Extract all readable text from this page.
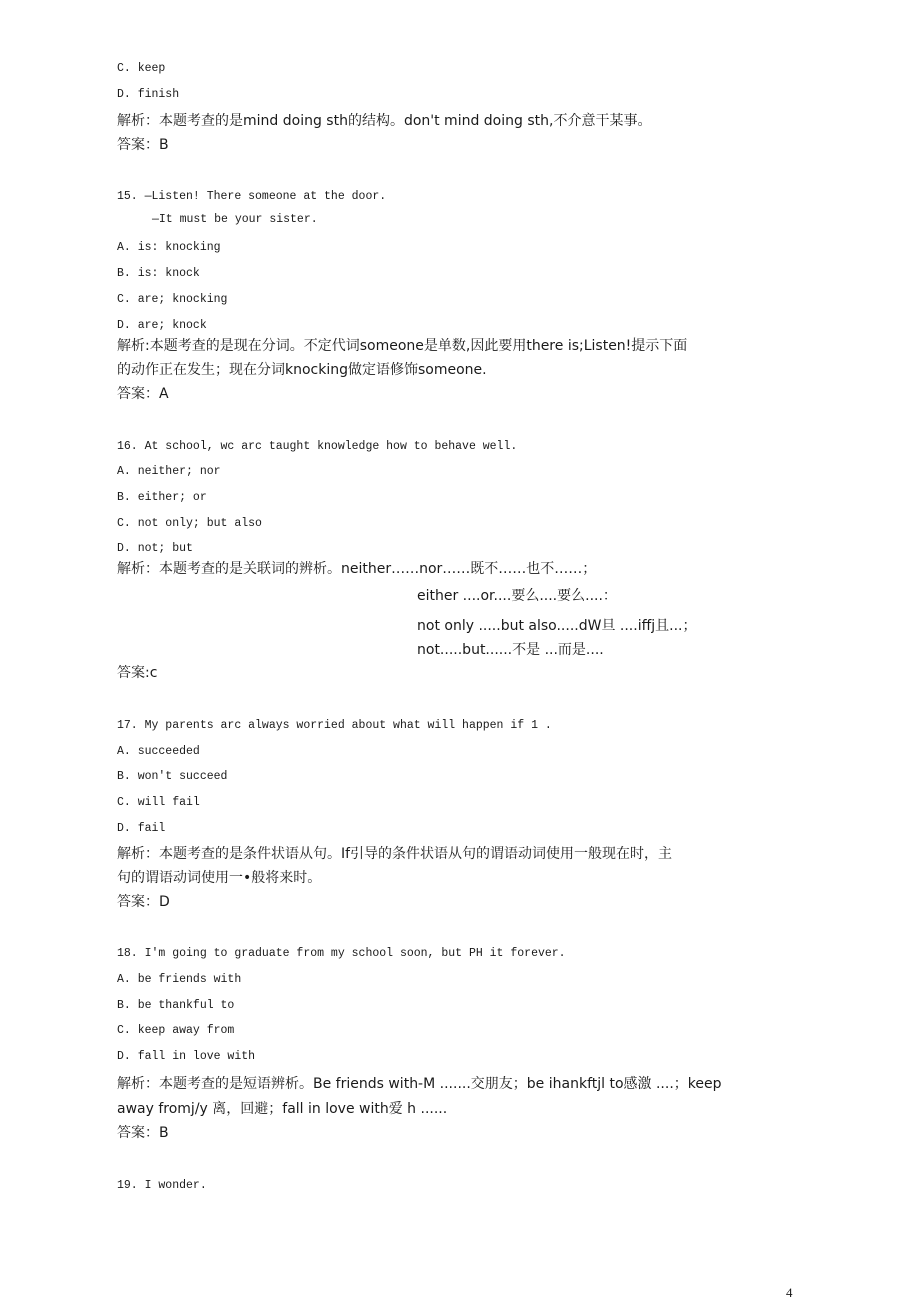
C. keep
D. finish
解析：本题考查的是mind doing sth的结构。don't mind doing sth,不介意干某事。
答案：B
15. —Listen! There someone at the door.
—It must be your sister.
A. is: knocking
B. is: knock
C. are; knocking
D. are; knock
解析:本题考查的是现在分词。不定代词someone是单数,因此要用there is;Listen!提示下面
的动作正在发生；现在分词knocking做定语修饰someone.
答案：A
16. At school, wc arc taught knowledge how to behave well.
A. neither; nor
B. either; or
C. not only; but also
D. not; but
解析：本题考查的是关联词的辨析。neither……nor……既不……也不……；
either ....or....要么....要么....：
not only .....but also.....dW旦 ....iffj且...；
not.....but......不是 ...而是....
答案:c
17. My parents arc always worried about what will happen if 1 .
A. succeeded
B. won't succeed
C. will fail
D. fail
解析：本题考查的是条件状语从句。If引导的条件状语从句的谓语动词使用一般现在时，主
句的谓语动词使用一•般将来时。
答案：D
18. I'm going to graduate from my school soon, but PH it forever.
A. be friends with
B. be thankful to
C. keep away from
D. fall in love with
解析：本题考查的是短语辨析。Be friends with-M .......交朋友；be ihankftjl to感激 ....；keep
away fromj/y 离，回避；fall in love with爱 h ......
答案：B
19. I wonder.
4
